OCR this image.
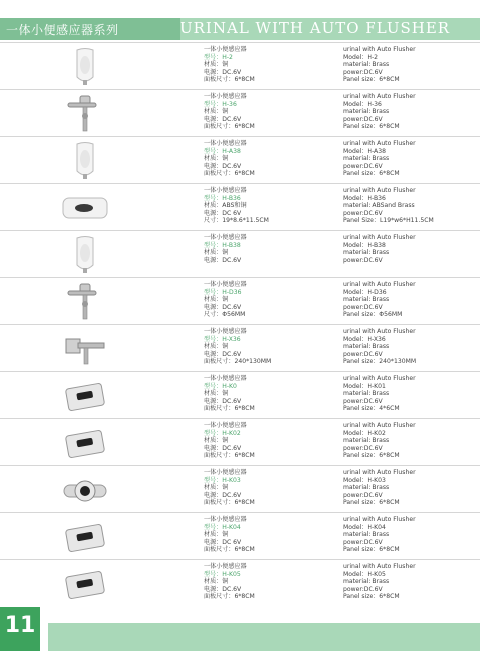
一体小便感应器系列	URINAL WITH AUTO FLUSHER
一体小便感应器
型号：H-2
材质：铜
电源：DC.6V
面板尺寸：6*8CM
urinal with Auto Flusher
Model：H-2
material: Brass
power:DC.6V
Panel size：6*8CM
一体小便感应器
型号：H-36
材质：铜
电源：DC.6V
面板尺寸：6*8CM
urinal with Auto Flusher
Model：H-36
material: Brass
power:DC.6V
Panel size：6*8CM
一体小便感应器
型号：H-A38
材质：铜
电源：DC.6V
面板尺寸：6*8CM
urinal with Auto Flusher
Model：H-A38
material: Brass
power:DC.6V
Panel size：6*8CM
一体小便感应器
型号：H-B36
材质：ABS和铜
电源：DC 6V
尺寸：19*8.6*11.5CM
urinal with Auto Flusher
Model：H-B36
material: ABSand Brass
power:DC.6V
Panel Size：L19*w6*H11.5CM
一体小便感应器
型号：H-B38
材质：铜
电源：DC.6V
urinal with Auto Flusher
Model：H-B38
material: Brass
power:DC.6V
一体小便感应器
型号：H-D36
材质：铜
电源：DC.6V
尺寸：Φ56MM
urinal with Auto Flusher
Model：H-D36
material: Brass
power:DC.6V
Panel size：Φ56MM
一体小便感应器
型号：H-X36
材质：铜
电源：DC.6V
面板尺寸：240*130MM
urinal with Auto Flusher
Model：H-X36
material: Brass
power:DC.6V
Panel size：240*130MM
一体小便感应器
型号：H-K0
材质：铜
电源：DC.6V
面板尺寸：6*8CM
urinal with Auto Flusher
Model：H-K01
material: Brass
power:DC.6V
Panel size：4*6CM
一体小便感应器
型号：H-K02
材质：铜
电源：DC.6V
面板尺寸：6*8CM
urinal with Auto Flusher
Model：H-K02
material: Brass
power:DC.6V
Panel size：6*8CM
一体小便感应器
型号：H-K03
材质：铜
电源：DC.6V
面板尺寸：6*8CM
urinal with Auto Flusher
Model：H-K03
material: Brass
power:DC.6V
Panel size：6*8CM
一体小便感应器
型号：H-K04
材质：铜
电源：DC 6V
面板尺寸：6*8CM
urinal with Auto Flusher
Model：H-K04
material: Brass
power:DC.6V
Panel size：6*8CM
一体小便感应器
型号：H-K05
材质：铜
电源：DC.6V
面板尺寸：6*8CM
urinal with Auto Flusher
Model：H-K05
material: Brass
power:DC.6V
Panel size：6*8CM
11
